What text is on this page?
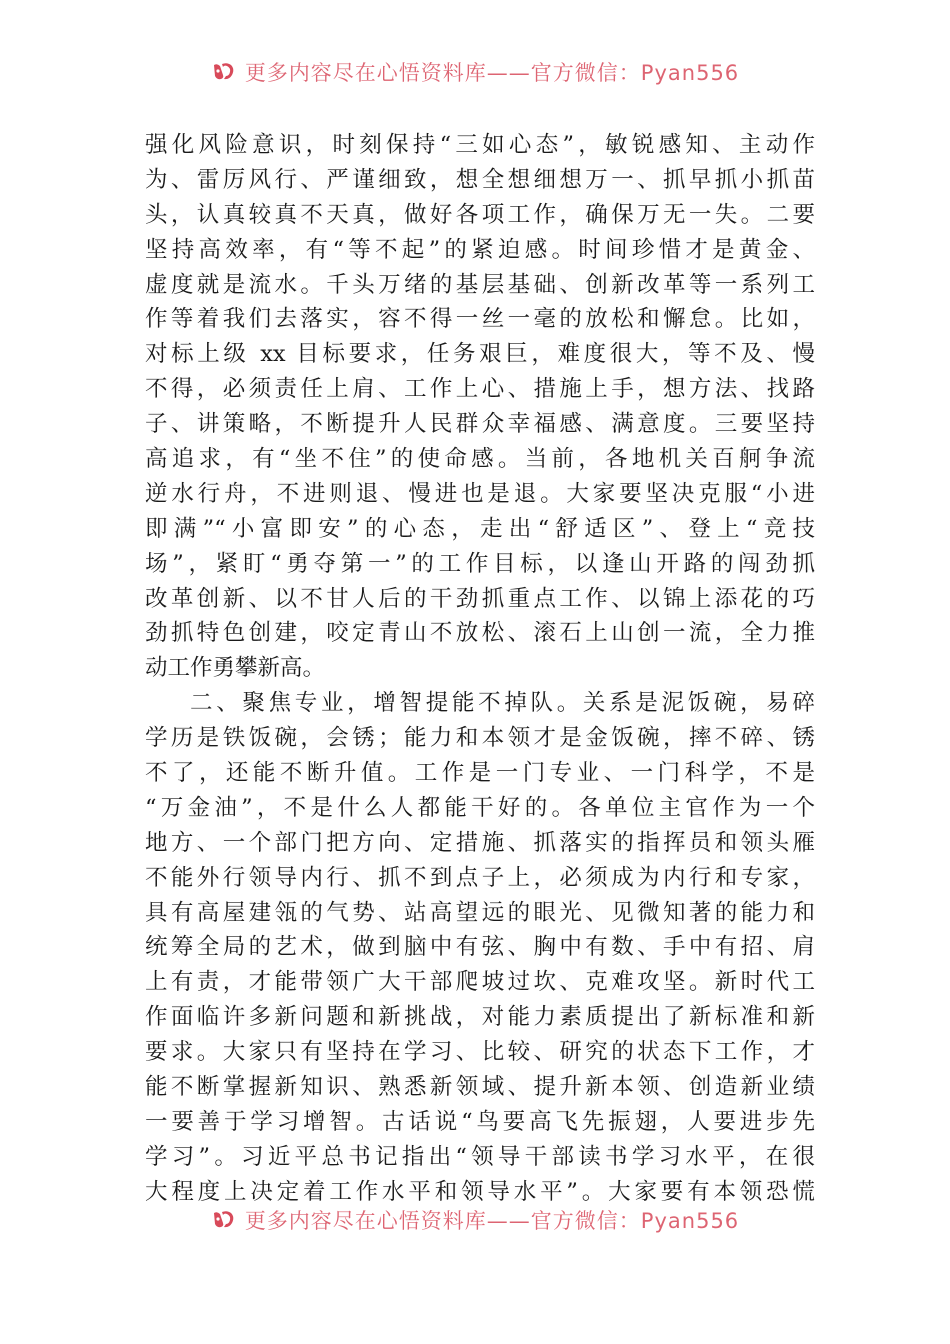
更多内容尽在心悟资料库——官方微信：Pyan556
强化风险意识，时刻保持“三如心态”，敏锐感知、主动作
为、雷厉风行、严谨细致，想全想细想万一、抓早抓小抓苗
头，认真较真不天真，做好各项工作，确保万无一失。二要
坚持高效率，有“等不起”的紧迫感。时间珍惜才是黄金、
虚度就是流水。千头万绪的基层基础、创新改革等一系列工
作等着我们去落实，容不得一丝一毫的放松和懈怠。比如，
对标上级 xx 目标要求，任务艰巨，难度很大，等不及、慢
不得，必须责任上肩、工作上心、措施上手，想方法、找路
子、讲策略，不断提升人民群众幸福感、满意度。三要坚持
高追求，有“坐不住”的使命感。当前，各地机关百舸争流
逆水行舟，不进则退、慢进也是退。大家要坚决克服“小进
即满”“小富即安”的心态，走出“舒适区”、登上“竞技
场”，紧盯“勇夺第一”的工作目标，以逢山开路的闯劲抓
改革创新、以不甘人后的干劲抓重点工作、以锦上添花的巧
劲抓特色创建，咬定青山不放松、滚石上山创一流，全力推
动工作勇攀新高。
二、聚焦专业，增智提能不掉队。关系是泥饭碗，易碎
学历是铁饭碗，会锈；能力和本领才是金饭碗，摔不碎、锈
不了，还能不断升值。工作是一门专业、一门科学，不是
“万金油”，不是什么人都能干好的。各单位主官作为一个
地方、一个部门把方向、定措施、抓落实的指挥员和领头雁
不能外行领导内行、抓不到点子上，必须成为内行和专家，
具有高屋建瓴的气势、站高望远的眼光、见微知著的能力和
统筹全局的艺术，做到脑中有弦、胸中有数、手中有招、肩
上有责，才能带领广大干部爬坡过坎、克难攻坚。新时代工
作面临许多新问题和新挑战，对能力素质提出了新标准和新
要求。大家只有坚持在学习、比较、研究的状态下工作，才
能不断掌握新知识、熟悉新领域、提升新本领、创造新业绩
一要善于学习增智。古话说“鸟要高飞先振翅，人要进步先
学习”。习近平总书记指出“领导干部读书学习水平，在很
大程度上决定着工作水平和领导水平”。大家要有本领恐慌
更多内容尽在心悟资料库——官方微信：Pyan556
